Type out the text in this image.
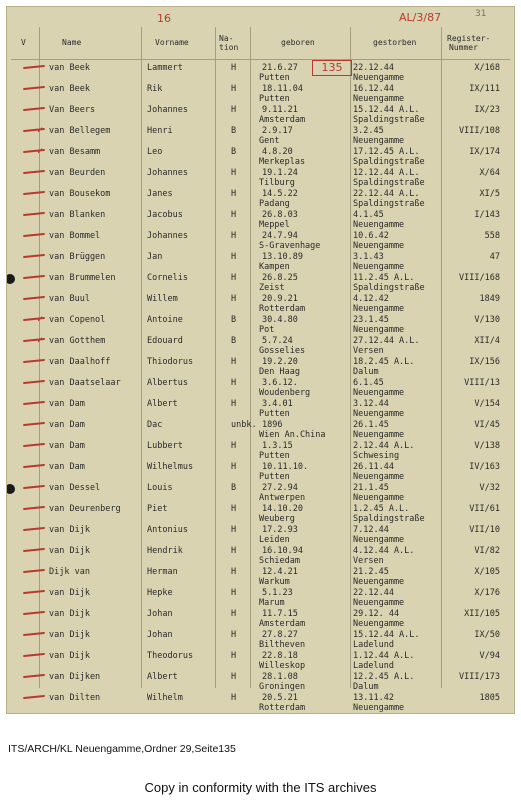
16	AL/3/87	31
V	Name	Vorname	Na-
tion
geboren	gestorben	Register-
Nummer
135
van Beek	Lammert	H	21.6.27	22.12.44	X/168
Putten	Neuengamme
van Beek	Rik	H	18.11.04	16.12.44	IX/111
Putten	Neuengamme
Van Beers	Johannes	H	9.11.21	15.12.44 A.L.	IX/23
Amsterdam	Spaldingstraße
✓ van Bellegem	Henri	B	2.9.17	3.2.45	VIII/108
Gent	Neuengamme
✓ van Besamm	Leo	B	4.8.20	17.12.45 A.L.	IX/174
Merkeplas	Spaldingstraße
van Beurden	Johannes	H	19.1.24	12.12.44 A.L.	X/64
Tilburg	Spaldingstraße
van Bousekom	Janes	H	14.5.22	22.12.44 A.L.	XI/5
Padang	Spaldingstraße
van Blanken	Jacobus	H	26.8.03	4.1.45	I/143
Meppel	Neuengamme
van Bommel	Johannes	H	24.7.94	10.6.42	558
S-Gravenhage	Neuengamme
van Brüggen	Jan	H	13.10.89	3.1.43	47
Kampen	Neuengamme
van Brummelen	Cornelis	H	26.8.25	11.2.45 A.L.	VIII/168
Zeist	Spaldingstraße
van Buul	Willem	H	20.9.21	4.12.42	1849
Rotterdam	Neuengamme
✓ van Copenol	Antoine	B	30.4.80	23.1.45	V/130
Pot	Neuengamme
✓ van Gotthem	Edouard	B	5.7.24	27.12.44 A.L.	XII/4
Gosselies	Versen
van Daalhoff	Thiodorus	H	19.2.20	18.2.45 A.L.	IX/156
Den Haag	Dalum
van Daatselaar	Albertus	H	3.6.12.	6.1.45	VIII/13
Woudenberg	Neuengamme
van Dam	Albert	H	3.4.01	3.12.44	V/154
Putten	Neuengamme
van Dam	Dac	unbk. 1896	26.1.45	VI/45
Wien An.China	Neuengamme
van Dam	Lubbert	H	1.3.15	2.12.44 A.L.	V/138
Putten	Schwesing
van Dam	Wilhelmus	H	10.11.10.	26.11.44	IV/163
Putten	Neuengamme
van Dessel	Louis	B	27.2.94	21.1.45	V/32
Antwerpen	Neuengamme
van Deurenberg	Piet	H	14.10.20	1.2.45 A.L.	VII/61
Weuberg	Spaldingstraße
van Dijk	Antonius	H	17.2.93	7.12.44	VII/10
Leiden	Neuengamme
van Dijk	Hendrik	H	16.10.94	4.12.44 A.L.	VI/82
Schiedam	Versen
Dijk van	Herman	H	12.4.21	21.2.45	X/105
Warkum	Neuengamme
van Dijk	Hepke	H	5.1.23	22.12.44	X/176
Marum	Neuengamme
van Dijk	Johan	H	11.7.15	29.12. 44	XII/105
Amsterdam	Neuengamme
van Dijk	Johan	H	27.8.27	15.12.44 A.L.	IX/50
Biltheven	Ladelund
van Dijk	Theodorus	H	22.8.18	1.12.44 A.L.	V/94
Willeskop	Ladelund
van Dijken	Albert	H	28.1.08	12.2.45 A.L.	VIII/173
Groningen	Dalum
van Dilten	Wilhelm	H	20.5.21	13.11.42	1805
Rotterdam	Neuengamme
ITS/ARCH/KL Neuengamme,Ordner 29,Seite135
Copy in conformity with the ITS archives
